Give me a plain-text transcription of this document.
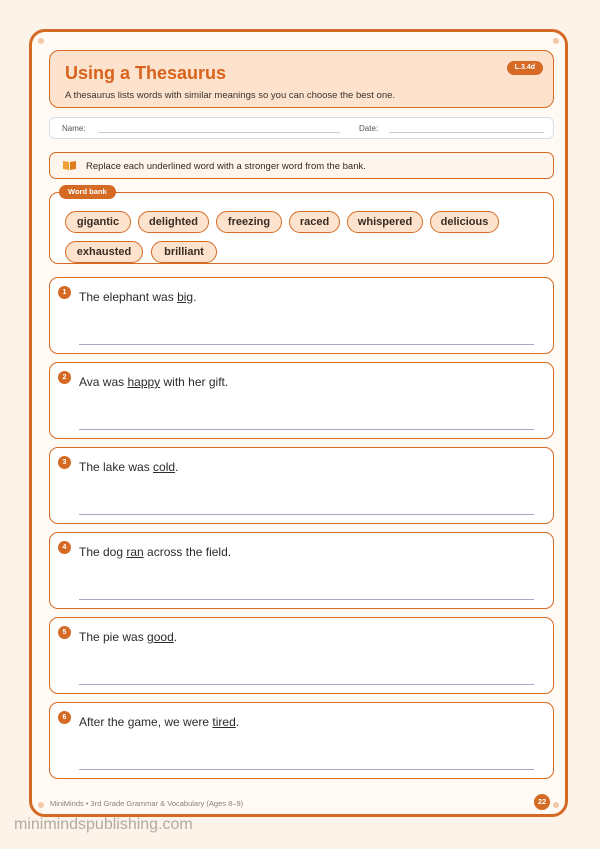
Using a Thesaurus
A thesaurus lists words with similar meanings so you can choose the best one.
L.3.4d
Name:	Date:
Replace each underlined word with a stronger word from the bank.
Word bank
gigantic	delighted	freezing	raced	whispered	delicious
exhausted	brilliant
1	The elephant was big.
2	Ava was happy with her gift.
3	The lake was cold.
4	The dog ran across the field.
5	The pie was good.
6	After the game, we were tired.
MiniMinds • 3rd Grade Grammar & Vocabulary (Ages 8–9)	22
minimindspublishing.com
